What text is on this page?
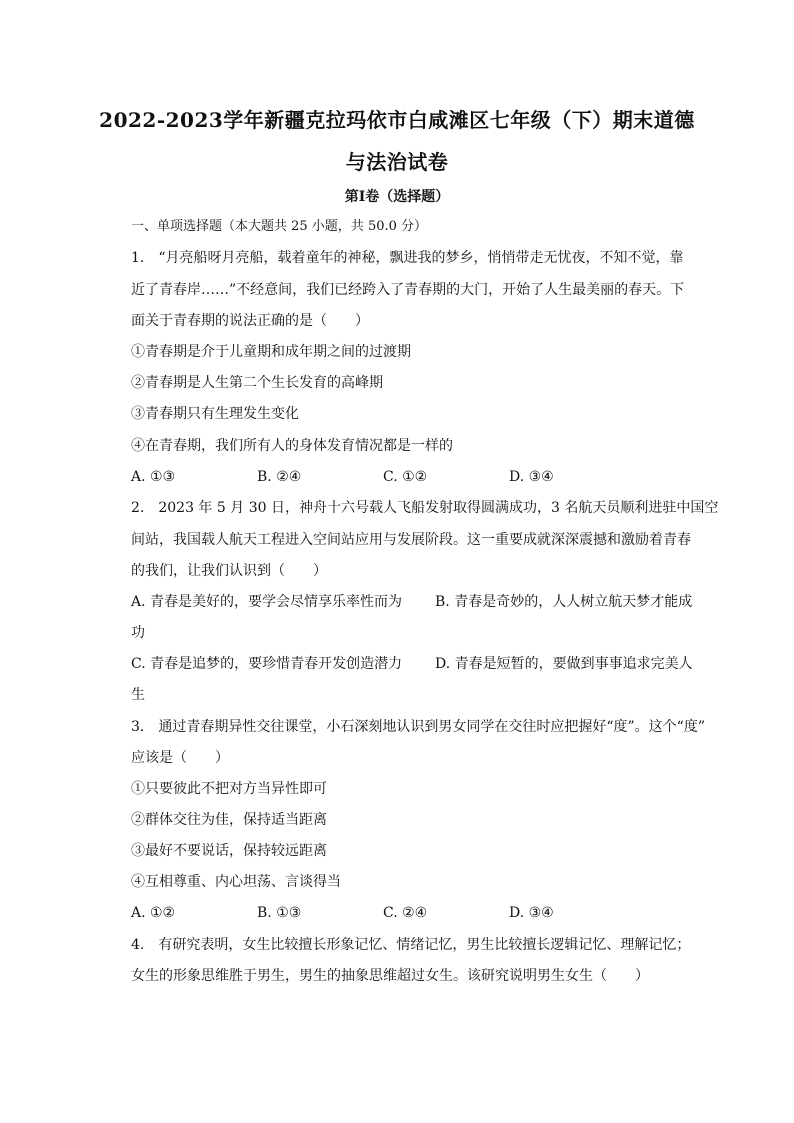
2022-2023学年新疆克拉玛依市白咸滩区七年级（下）期末道德
与法治试卷
第I卷（选择题）
一、单项选择题（本大题共 25 小题，共 50.0 分）
1.　“月亮船呀月亮船，载着童年的神秘，飘进我的梦乡，悄悄带走无忧夜，不知不觉，靠
近了青春岸……”不经意间，我们已经跨入了青春期的大门，开始了人生最美丽的春天。下
面关于青春期的说法正确的是（　　）
①青春期是介于儿童期和成年期之间的过渡期
②青春期是人生第二个生长发育的高峰期
③青春期只有生理发生变化
④在青春期，我们所有人的身体发育情况都是一样的
A. ①③	B. ②④	C. ①②	D. ③④
2.　2023 年 5 月 30 日，神舟十六号载人飞船发射取得圆满成功，3 名航天员顺利进驻中国空
间站，我国载人航天工程进入空间站应用与发展阶段。这一重要成就深深震撼和激励着青春
的我们，让我们认识到（　　）
A. 青春是美好的，要学会尽情享乐率性而为 B. 青春是奇妙的，人人树立航天梦才能成
功
C. 青春是追梦的，要珍惜青春开发创造潜力 D. 青春是短暂的，要做到事事追求完美人
生
3.　通过青春期异性交往课堂，小石深刻地认识到男女同学在交往时应把握好“度”。这个“度”
应该是（　　）
①只要彼此不把对方当异性即可
②群体交往为佳，保持适当距离
③最好不要说话，保持较远距离
④互相尊重、内心坦荡、言谈得当
A. ①②	B. ①③	C. ②④	D. ③④
4.　有研究表明，女生比较擅长形象记忆、情绪记忆，男生比较擅长逻辑记忆、理解记忆；
女生的形象思维胜于男生，男生的抽象思维超过女生。该研究说明男生女生（　　）
